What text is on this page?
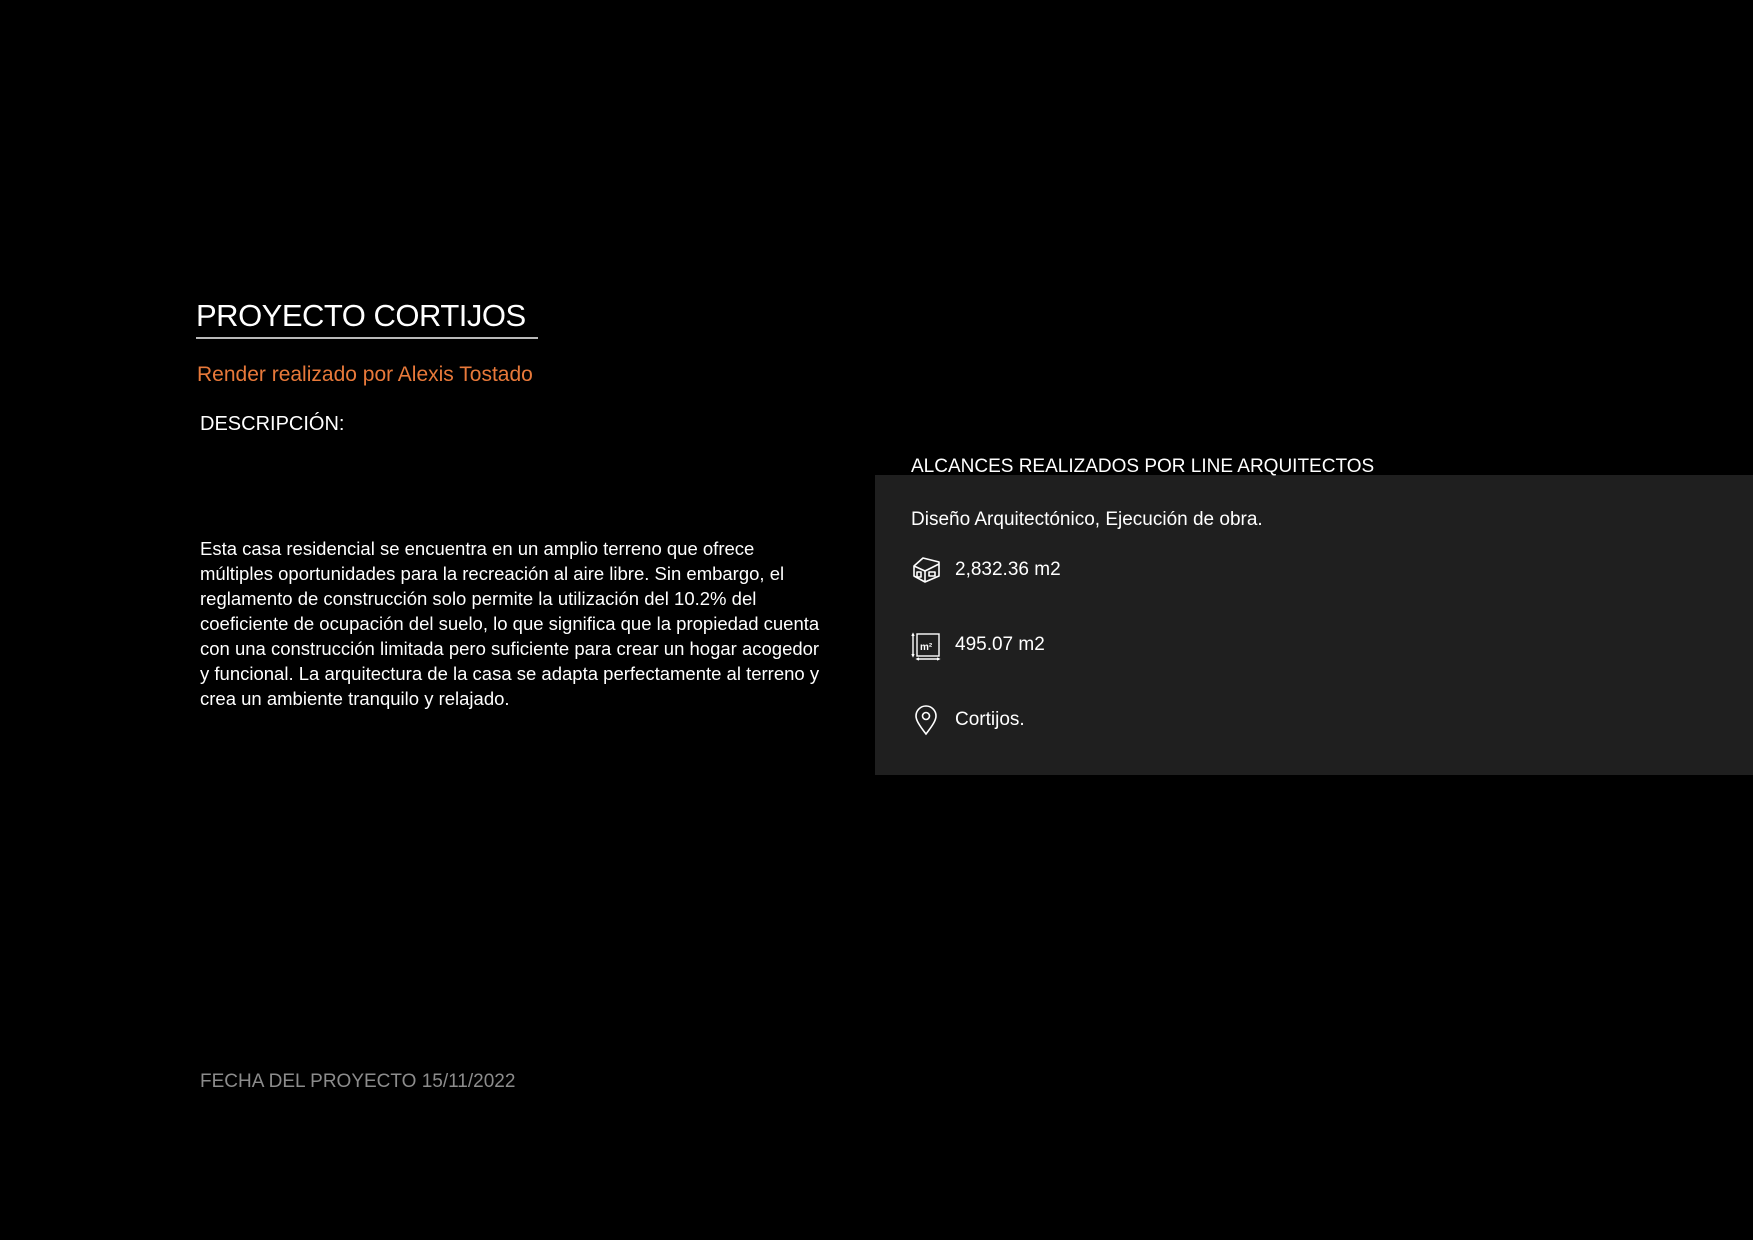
PROYECTO CORTIJOS
Render realizado por Alexis Tostado
DESCRIPCIÓN:

Esta casa residencial se encuentra en un amplio terreno que ofrece múltiples oportunidades para la recreación al aire libre. Sin embargo, el reglamento de construcción solo permite la utilización del 10.2% del coeficiente de ocupación del suelo, lo que significa que la propiedad cuenta con una construcción limitada pero suficiente para crear un hogar acogedor y funcional. La arquitectura de la casa se adapta perfectamente al terreno y crea un ambiente tranquilo y relajado.

FECHA DEL PROYECTO 15/11/2022
ALCANCES REALIZADOS POR LINE ARQUITECTOS
Diseño Arquitectónico, Ejecución de obra.
2,832.36 m2
m² 495.07 m2
Cortijos.
